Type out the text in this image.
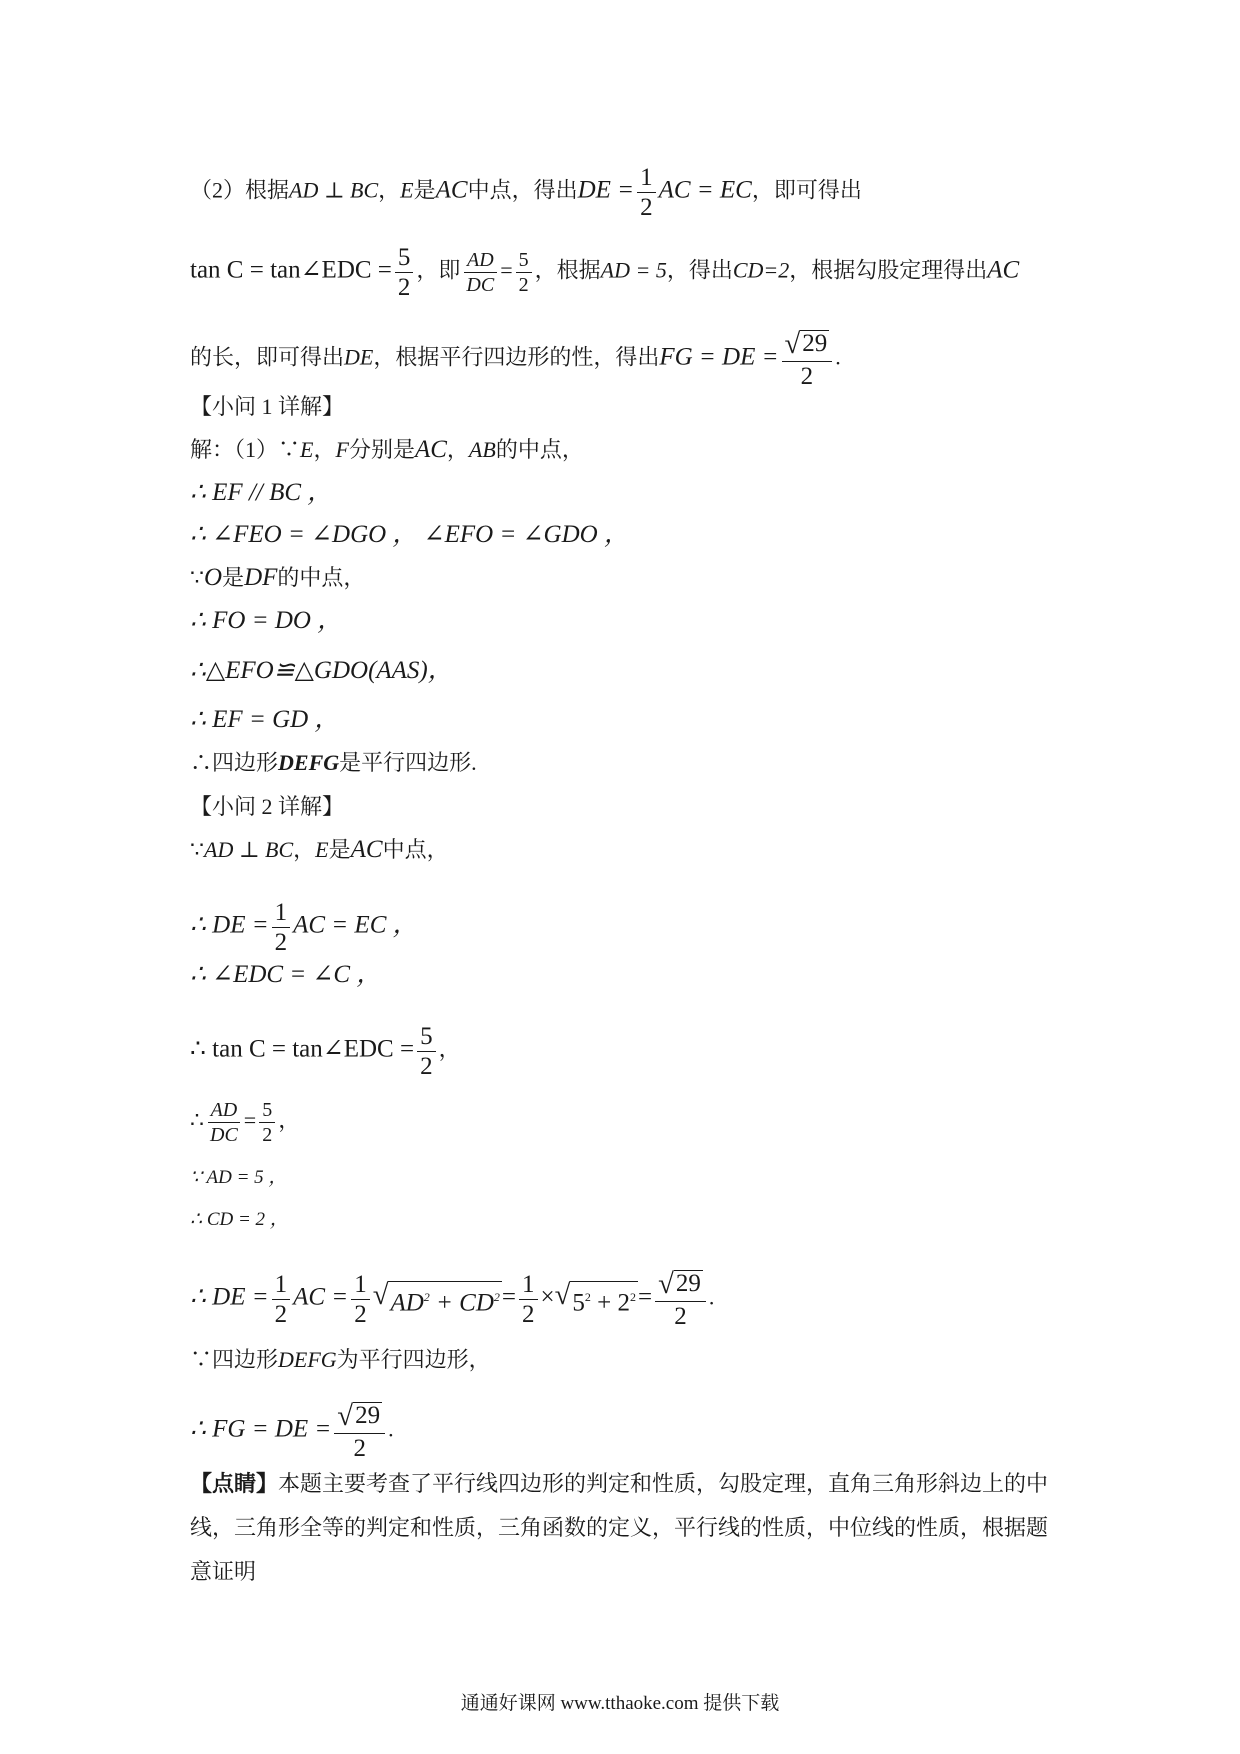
（2）根据AD ⊥ BC，E是AC中点，得出DE = $\frac{1}{2}$ AC = EC，即可得出
tan C = tan∠EDC = $\frac{5}{2}$ ，即 $\frac{AD}{DC} = \frac{5}{2}$ ，根据AD = 5，得出CD=2，根据勾股定理得出AC
的长，即可得出DE，根据平行四边形的性，得出FG = DE = $\frac{√ 29}{2}$ .
【小问 1 详解】
解：（1）∵E，F分别是AC，AB的中点，
∴ EF // BC ，
∴ ∠FEO = ∠DGO ， ∠EFO = ∠GDO ，
∵O是DF的中点，
∴ FO = DO ，
∴△EFO≌△GDO(AAS)，
∴ EF = GD ，
∴四边形DEFG是平行四边形.
【小问 2 详解】
∵AD ⊥ BC，E是AC中点，
∴ DE = $\frac{1}{2}$ AC = EC ，
∴ ∠EDC = ∠C ，
∴ tan C = tan∠EDC = $\frac{5}{2}$ ，
∴ $\frac{AD}{DC} = \frac{5}{2}$ ，
∵ AD = 5 ，
∴ CD = 2 ，
∴ DE = $\frac{1}{2}$ AC = $\frac{1}{2}$ √ $AD^2 + CD^2 = \frac{1}{2}$ × √ $5^2 + 2^2 = \frac{√ 29}{2}$ .
∵四边形DEFG为平行四边形，
∴ FG = DE = $\frac{√ 29}{2}$ .
【点睛】本题主要考查了平行线四边形的判定和性质，勾股定理，直角三角形斜边上的中线，三角形全等的判定和性质，三角函数的定义，平行线的性质，中位线的性质，根据题意证明
通通好课网 www.tthaoke.com 提供下载
